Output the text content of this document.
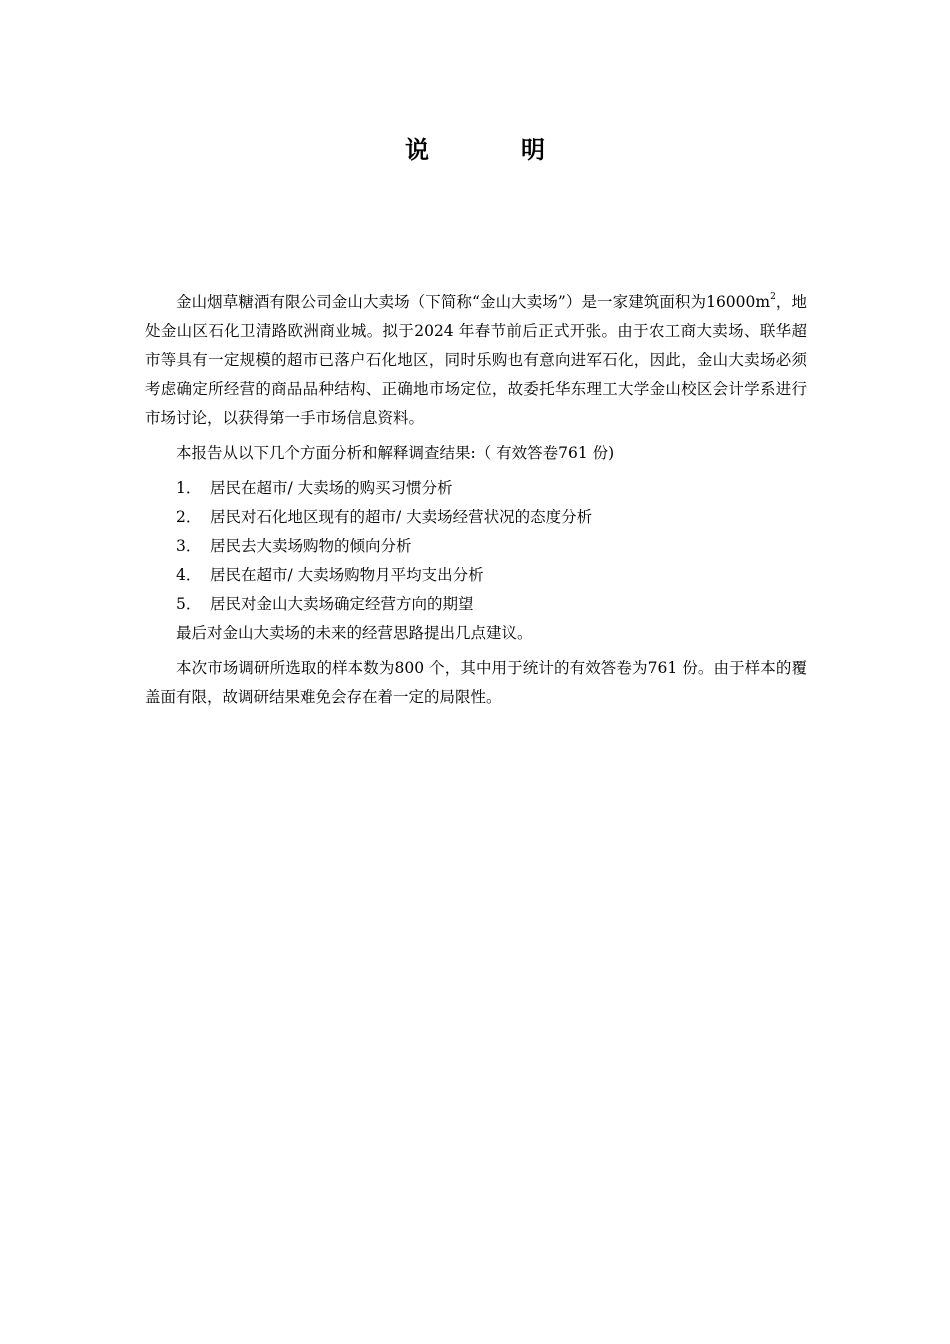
说	明

金山烟草糖酒有限公司金山大卖场（下简称“金山大卖场”）是一家建筑面积为$16000m^2$，地处金山区石化卫清路欧洲商业城。拟于2024 年春节前后正式开张。由于农工商大卖场、联华超市等具有一定规模的超市已落户石化地区，同时乐购也有意向进军石化，因此，金山大卖场必须考虑确定所经营的商品品种结构、正确地市场定位，故委托华东理工大学金山校区会计学系进行市场讨论，以获得第一手市场信息资料。

本报告从以下几个方面分析和解释调查结果:（ 有效答卷761 份)

1． 居民在超市/ 大卖场的购买习惯分析
2． 居民对石化地区现有的超市/ 大卖场经营状况的态度分析
3． 居民去大卖场购物的倾向分析
4． 居民在超市/ 大卖场购物月平均支出分析
5． 居民对金山大卖场确定经营方向的期望

最后对金山大卖场的未来的经营思路提出几点建议。

本次市场调研所选取的样本数为800 个，其中用于统计的有效答卷为761 份。由于样本的覆盖面有限，故调研结果难免会存在着一定的局限性。
